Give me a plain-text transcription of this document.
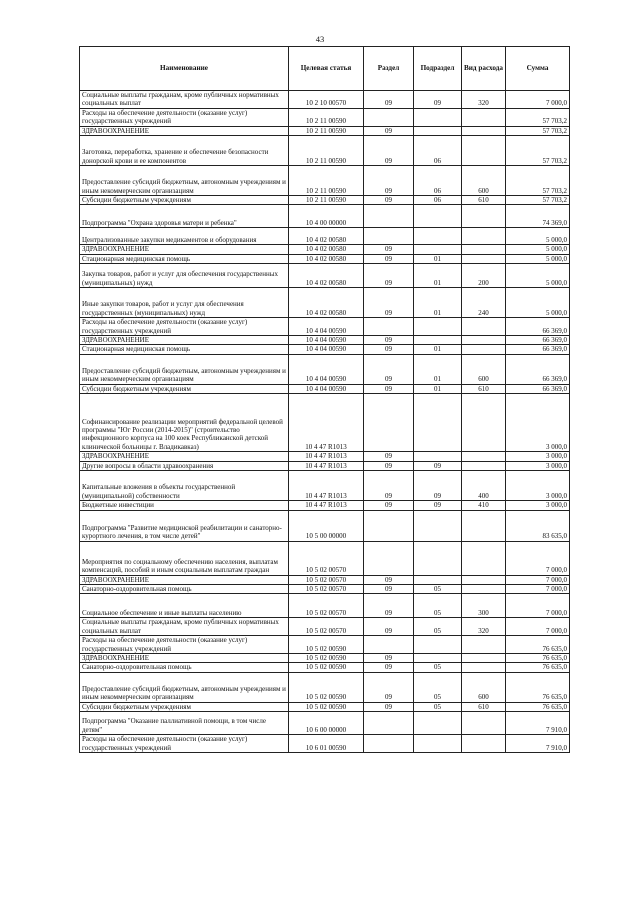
43
Наименование	Целевая статья	Раздел	Подраздел	Вид расхода	Сумма
Социальные выплаты гражданам, кроме публичных нормативных социальных выплат	10 2 10 00570	09	09	320	7 000,0
Расходы на обеспечение деятельности (оказание услуг) государственных учреждений	10 2 11 00590				57 703,2
ЗДРАВООХРАНЕНИЕ	10 2 11 00590	09			57 703,2
Заготовка, переработка, хранение и обеспечение безопасности донорской крови и ее компонентов	10 2 11 00590	09	06		57 703,2
Предоставление субсидий бюджетным, автономным учреждениям и иным некоммерческим организациям	10 2 11 00590	09	06	600	57 703,2
Субсидии бюджетным учреждениям	10 2 11 00590	09	06	610	57 703,2
Подпрограмма "Охрана здоровья матери и ребенка"	10 4 00 00000				74 369,0
Централизованные закупки медикаментов и оборудования	10 4 02 00580				5 000,0
ЗДРАВООХРАНЕНИЕ	10 4 02 00580	09			5 000,0
Стационарная медицинская помощь	10 4 02 00580	09	01		5 000,0
Закупка товаров, работ и услуг для обеспечения государственных (муниципальных) нужд	10 4 02 00580	09	01	200	5 000,0
Иные закупки товаров, работ и услуг для обеспечения государственных (муниципальных) нужд	10 4 02 00580	09	01	240	5 000,0
Расходы на обеспечение деятельности (оказание услуг) государственных учреждений	10 4 04 00590				66 369,0
ЗДРАВООХРАНЕНИЕ	10 4 04 00590	09			66 369,0
Стационарная медицинская помощь	10 4 04 00590	09	01		66 369,0
Предоставление субсидий бюджетным, автономным учреждениям и иным некоммерческим организациям	10 4 04 00590	09	01	600	66 369,0
Субсидии бюджетным учреждениям	10 4 04 00590	09	01	610	66 369,0
Софинансирование реализации мероприятий федеральной целевой программы "Юг России (2014-2015)" (строительство инфекционного корпуса на 100 коек Республиканской детской клинической больницы г. Владикавказ)	10 4 47 R1013				3 000,0
ЗДРАВООХРАНЕНИЕ	10 4 47 R1013	09			3 000,0
Другие вопросы в области здравоохранения	10 4 47 R1013	09	09		3 000,0
Капитальные вложения в объекты государственной (муниципальной) собственности	10 4 47 R1013	09	09	400	3 000,0
Бюджетные инвестиции	10 4 47 R1013	09	09	410	3 000,0
Подпрограмма "Развитие медицинской реабилитации и санаторно-курортного лечения, в том числе детей"	10 5 00 00000				83 635,0
Мероприятия по социальному обеспечению населения, выплатам компенсаций, пособий и иным социальным выплатам граждан	10 5 02 00570				7 000,0
ЗДРАВООХРАНЕНИЕ	10 5 02 00570	09			7 000,0
Санаторно-оздоровительная помощь	10 5 02 00570	09	05		7 000,0
Социальное обеспечение и иные выплаты населению	10 5 02 00570	09	05	300	7 000,0
Социальные выплаты гражданам, кроме публичных нормативных социальных выплат	10 5 02 00570	09	05	320	7 000,0
Расходы на обеспечение деятельности (оказание услуг) государственных учреждений	10 5 02 00590				76 635,0
ЗДРАВООХРАНЕНИЕ	10 5 02 00590	09			76 635,0
Санаторно-оздоровительная помощь	10 5 02 00590	09	05		76 635,0
Предоставление субсидий бюджетным, автономным учреждениям и иным некоммерческим организациям	10 5 02 00590	09	05	600	76 635,0
Субсидии бюджетным учреждениям	10 5 02 00590	09	05	610	76 635,0
Подпрограмма "Оказание паллиативной помощи, в том числе детям"	10 6 00 00000				7 910,0
Расходы на обеспечение деятельности (оказание услуг) государственных учреждений	10 6 01 00590				7 910,0
